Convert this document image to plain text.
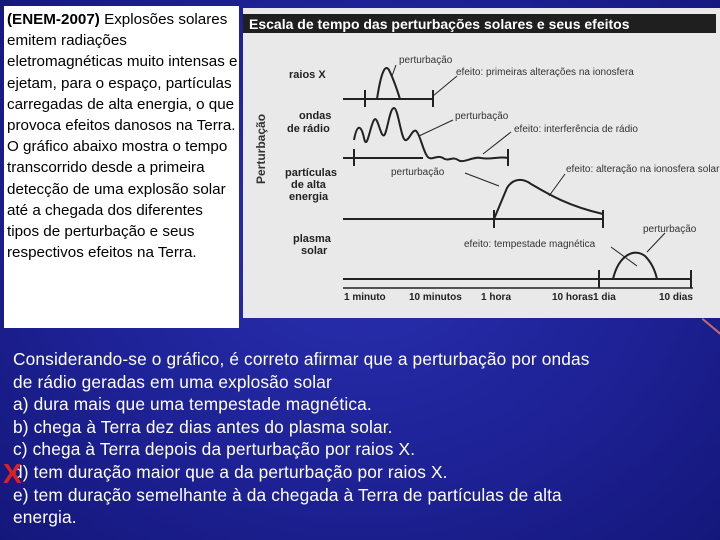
(ENEM-2007) Explosões solares emitem radiações eletromagnéticas muito intensas e ejetam, para o espaço, partículas carregadas de alta energia, o que provoca efeitos danosos na Terra. O gráfico abaixo mostra o tempo transcorrido desde a primeira detecção de uma explosão solar até a chegada dos diferentes tipos de perturbação e seus respectivos efeitos na Terra.

Escala de tempo das perturbações solares e seus efeitos
Perturbação
raios X
ondas
de rádio
partículas
de alta
energia
plasma
solar
perturbação
efeito: primeiras alterações na ionosfera
perturbação
efeito: interferência de rádio
perturbação	efeito: alteração na ionosfera solar
perturbação
efeito: tempestade magnética
1 minuto 10 minutos 1 hora	10 horas 1 dia	10 dias
Considerando-se o gráfico, é correto afirmar que a perturbação por ondas
de rádio geradas em uma explosão solar
a) dura mais que uma tempestade magnética.
b) chega à Terra dez dias antes do plasma solar.
c) chega à Terra depois da perturbação por raios X.
d) tem duração maior que a da perturbação por raios X.
e) tem duração semelhante à da chegada à Terra de partículas de alta
energia.
X
